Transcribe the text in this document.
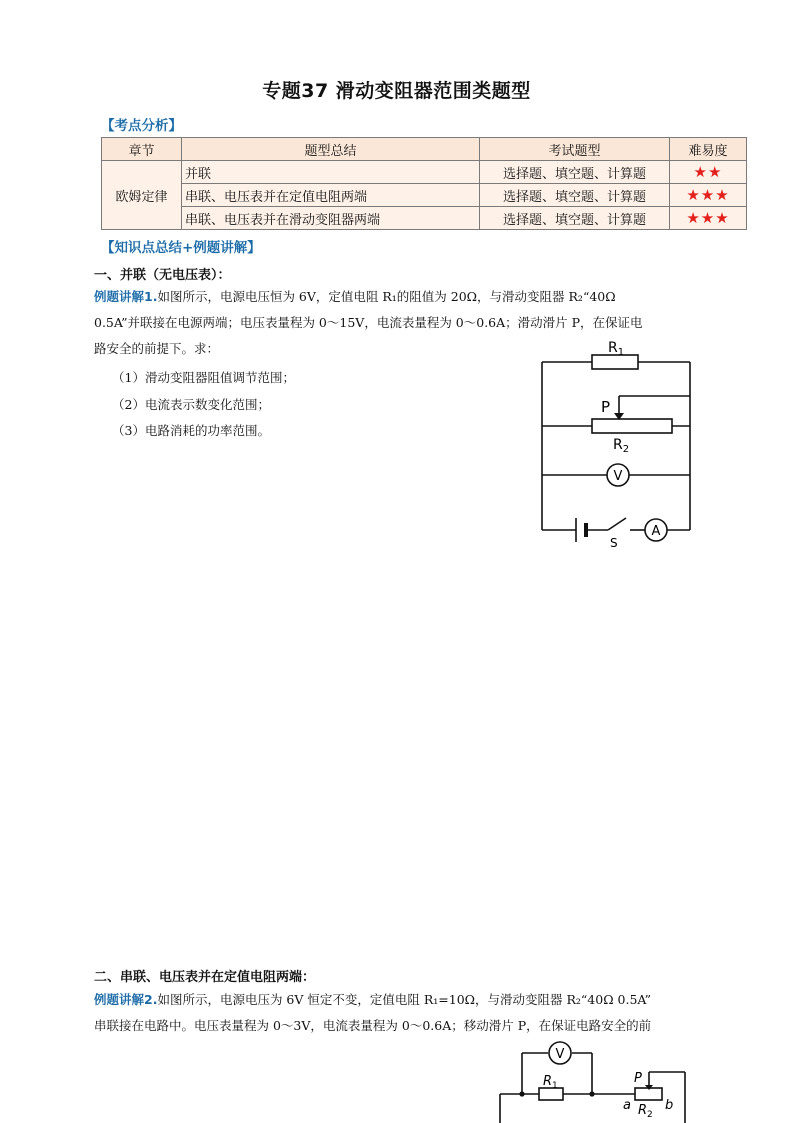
专题37 滑动变阻器范围类题型
【考点分析】
章节	题型总结	考试题型	难易度
欧姆定律	并联	选择题、填空题、计算题	★★
	串联、电压表并在定值电阻两端	选择题、填空题、计算题	★★★
	串联、电压表并在滑动变阻器两端	选择题、填空题、计算题	★★★
【知识点总结+例题讲解】
一、并联（无电压表）：
例题讲解1.如图所示，电源电压恒为 6V，定值电阻 R₁的阻值为 20Ω，与滑动变阻器 R₂“40Ω
0.5A”并联接在电源两端；电压表量程为 0～15V，电流表量程为 0～0.6A；滑动滑片 P，在保证电
路安全的前提下。求：
（1）滑动变阻器阻值调节范围；
（2）电流表示数变化范围；
（3）电路消耗的功率范围。
$R_1$
P
$R_2$
V
A
S
二、串联、电压表并在定值电阻两端：
例题讲解2.如图所示，电源电压为 6V 恒定不变，定值电阻 R₁=10Ω，与滑动变阻器 R₂“40Ω 0.5A”
串联接在电路中。电压表量程为 0～3V，电流表量程为 0～0.6A；移动滑片 P，在保证电路安全的前
V
$R_1$	P
a $R_2$
b
